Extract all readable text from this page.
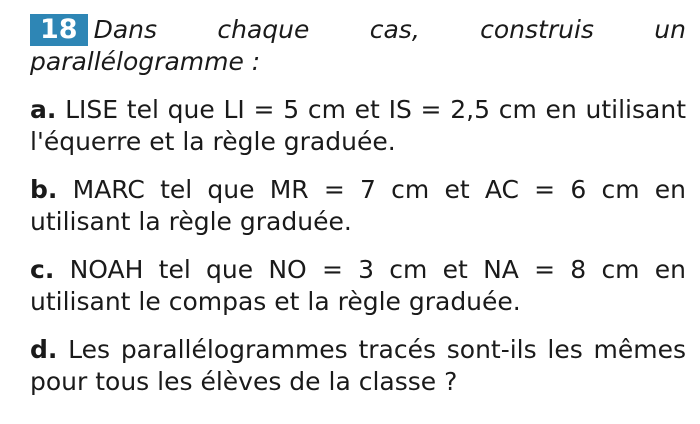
18 Dans chaque cas, construis un parallélogramme :
a. LISE tel que LI = 5 cm et IS = 2,5 cm en utilisant l'équerre et la règle graduée.
b. MARC tel que MR = 7 cm et AC = 6 cm en utilisant la règle graduée.
c. NOAH tel que NO = 3 cm et NA = 8 cm en utilisant le compas et la règle graduée.
d. Les parallélogrammes tracés sont-ils les mêmes pour tous les élèves de la classe ?
